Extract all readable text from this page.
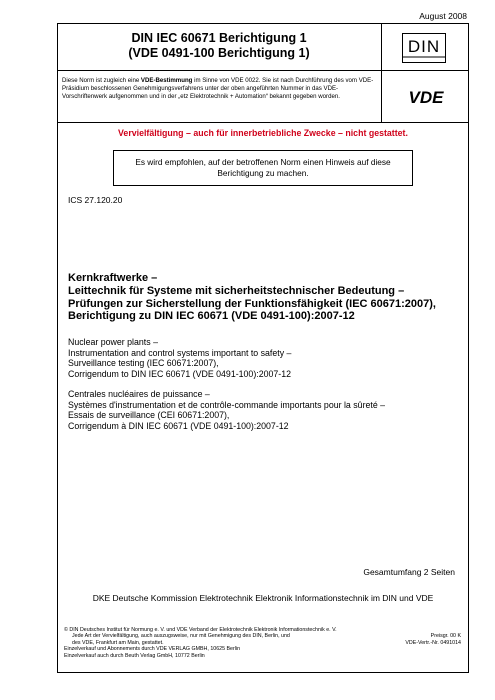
August 2008
DIN IEC 60671 Berichtigung 1
(VDE 0491-100 Berichtigung 1)	DIN
VDE
Diese Norm ist zugleich eine VDE-Bestimmung im Sinne von VDE 0022. Sie ist nach Durchführung des vom VDE-Präsidium beschlossenen Genehmigungsverfahrens unter der oben angeführten Nummer in das VDE-Vorschriftenwerk aufgenommen und in der „etz Elektrotechnik + Automation“ bekannt gegeben worden.
Vervielfältigung – auch für innerbetriebliche Zwecke – nicht gestattet.
Es wird empfohlen, auf der betroffenen Norm einen Hinweis auf diese Berichtigung zu machen.
ICS 27.120.20
Kernkraftwerke –
Leittechnik für Systeme mit sicherheitstechnischer Bedeutung –
Prüfungen zur Sicherstellung der Funktionsfähigkeit (IEC 60671:2007),
Berichtigung zu DIN IEC 60671 (VDE 0491-100):2007-12
Nuclear power plants –
Instrumentation and control systems important to safety –
Surveillance testing (IEC 60671:2007),
Corrigendum to DIN IEC 60671 (VDE 0491-100):2007-12
Centrales nucléaires de puissance –
Systèmes d'instrumentation et de contrôle-commande importants pour la sûreté –
Essais de surveillance (CEI 60671:2007),
Corrigendum à DIN IEC 60671 (VDE 0491-100):2007-12
Gesamtumfang 2 Seiten
DKE Deutsche Kommission Elektrotechnik Elektronik Informationstechnik im DIN und VDE
© DIN Deutsches Institut für Normung e. V. und VDE Verband der Elektrotechnik Elektronik Informationstechnik e. V.
Jede Art der Vervielfältigung, auch auszugsweise, nur mit Genehmigung des DIN, Berlin, und
des VDE, Frankfurt am Main, gestattet.
Einzelverkauf und Abonnements durch VDE VERLAG GMBH, 10625 Berlin
Einzelverkauf auch durch Beuth Verlag GmbH, 10772 Berlin

Preisgr. 00 K
VDE-Vertr.-Nr. 0491014
